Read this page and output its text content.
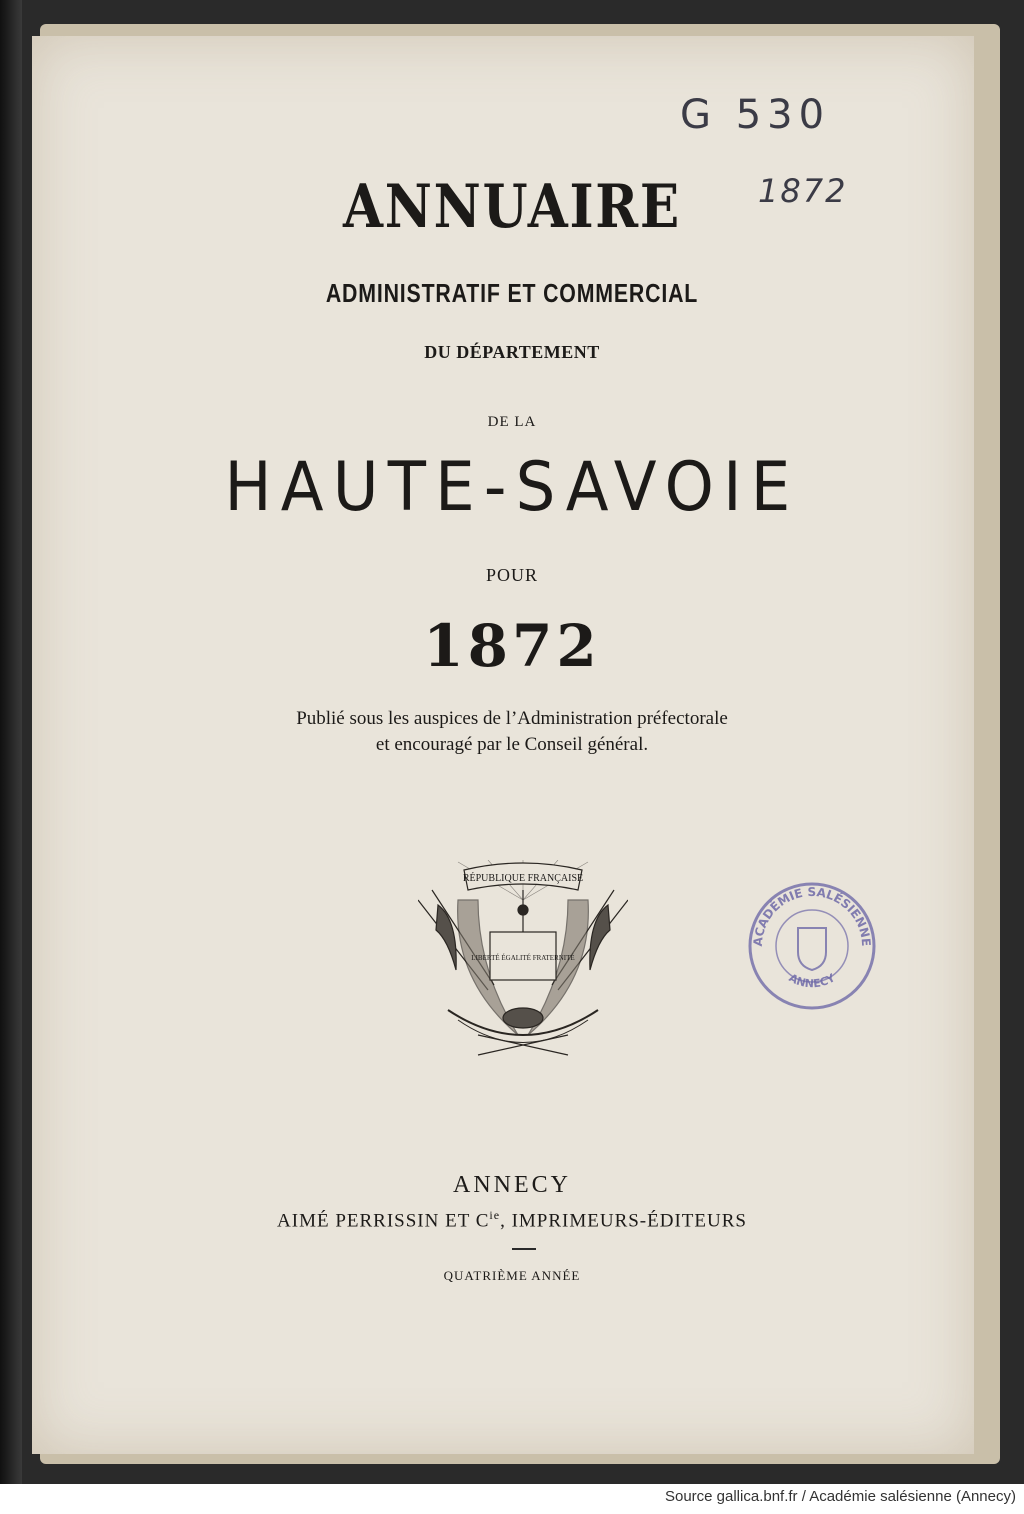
G 530
1872
ANNUAIRE
ADMINISTRATIF ET COMMERCIAL
DU DÉPARTEMENT
DE LA
HAUTE-SAVOIE
POUR
1872
Publié sous les auspices de l’Administration préfectorale
et encouragé par le Conseil général.
RÉPUBLIQUE FRANÇAISE
LIBERTÉ ÉGALITÉ FRATERNITÉ
ACADÉMIE SALÉSIENNE
ANNECY
ANNECY
AIMÉ PERRISSIN ET $C^{ie}$, IMPRIMEURS-ÉDITEURS
QUATRIÈME ANNÉE
Source gallica.bnf.fr / Académie salésienne (Annecy)
